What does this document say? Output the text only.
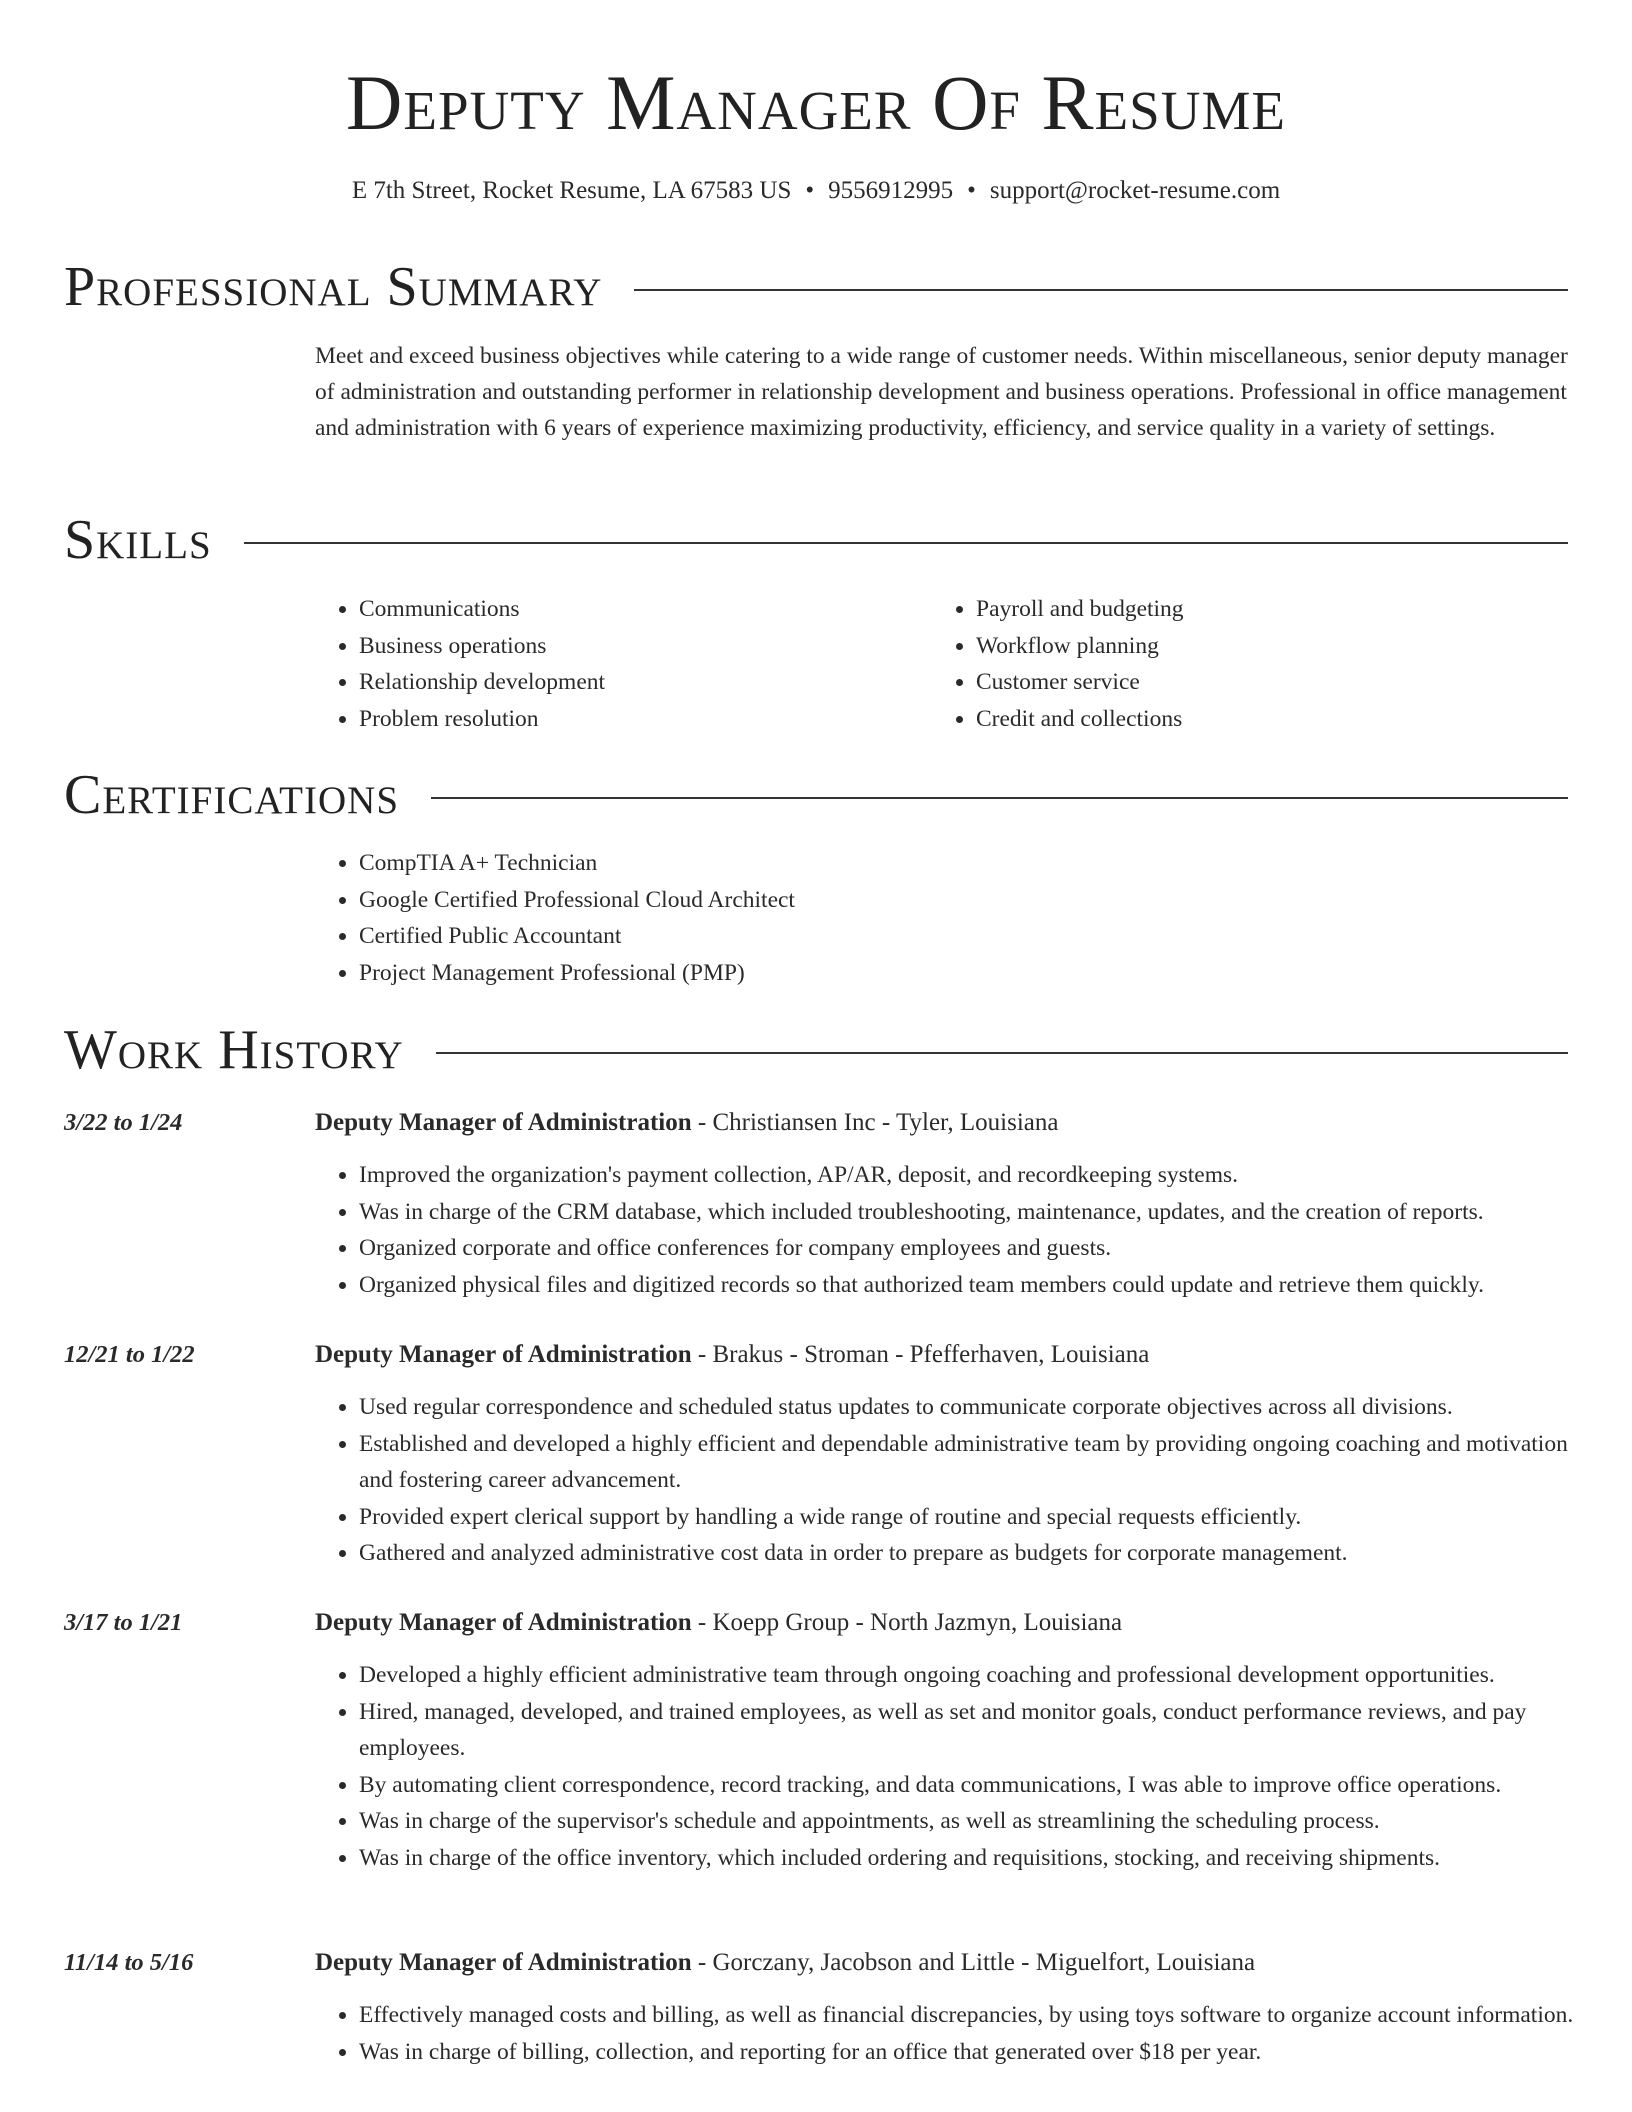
Deputy Manager Of Resume
E 7th Street, Rocket Resume, LA 67583 US • 9556912995 • support@rocket-resume.com
Professional Summary

Meet and exceed business objectives while catering to a wide range of customer needs. Within miscellaneous, senior deputy manager of administration and outstanding performer in relationship development and business operations. Professional in office management and administration with 6 years of experience maximizing productivity, efficiency, and service quality in a variety of settings.

Skills
• Communications
• Business operations
• Relationship development
• Problem resolution
• Payroll and budgeting
• Workflow planning
• Customer service
• Credit and collections
Certifications
• CompTIA A+ Technician
• Google Certified Professional Cloud Architect
• Certified Public Accountant
• Project Management Professional (PMP)
Work History
3/22 to 1/24	Deputy Manager of Administration - Christiansen Inc - Tyler, Louisiana
• Improved the organization's payment collection, AP/AR, deposit, and recordkeeping systems.
• Was in charge of the CRM database, which included troubleshooting, maintenance, updates, and the creation of reports.
• Organized corporate and office conferences for company employees and guests.
• Organized physical files and digitized records so that authorized team members could update and retrieve them quickly.
12/21 to 1/22	Deputy Manager of Administration - Brakus - Stroman - Pfefferhaven, Louisiana
• Used regular correspondence and scheduled status updates to communicate corporate objectives across all divisions.
• Established and developed a highly efficient and dependable administrative team by providing ongoing coaching and motivation and fostering career advancement.
• Provided expert clerical support by handling a wide range of routine and special requests efficiently.
• Gathered and analyzed administrative cost data in order to prepare as budgets for corporate management.
3/17 to 1/21	Deputy Manager of Administration - Koepp Group - North Jazmyn, Louisiana
• Developed a highly efficient administrative team through ongoing coaching and professional development opportunities.
• Hired, managed, developed, and trained employees, as well as set and monitor goals, conduct performance reviews, and pay employees.
• By automating client correspondence, record tracking, and data communications, I was able to improve office operations.
• Was in charge of the supervisor's schedule and appointments, as well as streamlining the scheduling process.
• Was in charge of the office inventory, which included ordering and requisitions, stocking, and receiving shipments.
11/14 to 5/16	Deputy Manager of Administration - Gorczany, Jacobson and Little - Miguelfort, Louisiana
• Effectively managed costs and billing, as well as financial discrepancies, by using toys software to organize account information.
• Was in charge of billing, collection, and reporting for an office that generated over $18 per year.
